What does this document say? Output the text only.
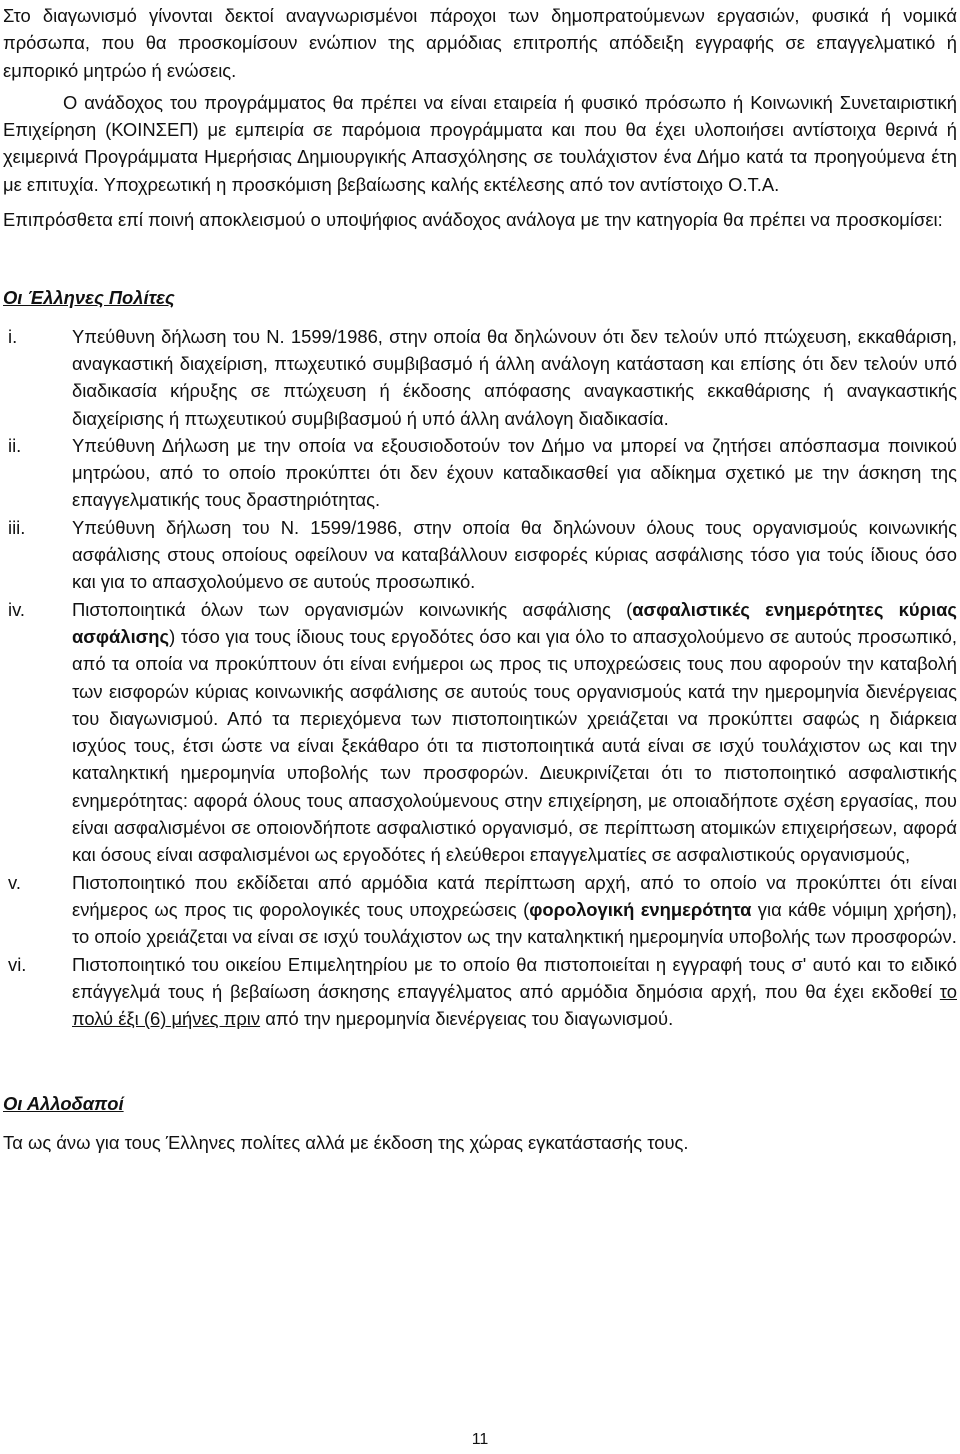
Στο διαγωνισμό γίνονται δεκτοί αναγνωρισμένοι πάροχοι των δημοπρατούμενων εργασιών, φυσικά ή νομικά πρόσωπα, που θα προσκομίσουν ενώπιον της αρμόδιας επιτροπής απόδειξη εγγραφής σε επαγγελματικό ή εμπορικό μητρώο ή ενώσεις.

Ο ανάδοχος του προγράμματος θα πρέπει να είναι εταιρεία ή φυσικό πρόσωπο ή Κοινωνική Συνεταιριστική Επιχείρηση (ΚΟΙΝΣΕΠ) με εμπειρία σε παρόμοια προγράμματα και που θα έχει υλοποιήσει αντίστοιχα θερινά ή χειμερινά Προγράμματα Ημερήσιας Δημιουργικής Απασχόλησης σε τουλάχιστον ένα Δήμο κατά τα προηγούμενα έτη με επιτυχία. Υποχρεωτική η προσκόμιση βεβαίωσης καλής εκτέλεσης από τον αντίστοιχο Ο.Τ.Α.

Επιπρόσθετα επί ποινή αποκλεισμού ο υποψήφιος ανάδοχος ανάλογα με την κατηγορία θα πρέπει να προσκομίσει:

Οι Έλληνες Πολίτες
i.	Υπεύθυνη δήλωση του Ν. 1599/1986, στην οποία θα δηλώνουν ότι δεν τελούν υπό πτώχευση, εκκαθάριση, αναγκαστική διαχείριση, πτωχευτικό συμβιβασμό ή άλλη ανάλογη κατάσταση και επίσης ότι δεν τελούν υπό διαδικασία κήρυξης σε πτώχευση ή έκδοσης απόφασης αναγκαστικής εκκαθάρισης ή αναγκαστικής διαχείρισης ή πτωχευτικού συμβιβασμού ή υπό άλλη ανάλογη διαδικασία.
ii.	Υπεύθυνη Δήλωση με την οποία να εξουσιοδοτούν τον Δήμο να μπορεί να ζητήσει απόσπασμα ποινικού μητρώου, από το οποίο προκύπτει ότι δεν έχουν καταδικασθεί για αδίκημα σχετικό με την άσκηση της επαγγελματικής τους δραστηριότητας.
iii.	Υπεύθυνη δήλωση του Ν. 1599/1986, στην οποία θα δηλώνουν όλους τους οργανισμούς κοινωνικής ασφάλισης στους οποίους οφείλουν να καταβάλλουν εισφορές κύριας ασφάλισης τόσο για τούς ίδιους όσο και για το απασχολούμενο σε αυτούς προσωπικό.
iv.	Πιστοποιητικά όλων των οργανισμών κοινωνικής ασφάλισης (ασφαλιστικές ενημερότητες κύριας ασφάλισης) τόσο για τους ίδιους τους εργοδότες όσο και για όλο το απασχολούμενο σε αυτούς προσωπικό, από τα οποία να προκύπτουν ότι είναι ενήμεροι ως προς τις υποχρεώσεις τους που αφορούν την καταβολή των εισφορών κύριας κοινωνικής ασφάλισης σε αυτούς τους οργανισμούς κατά την ημερομηνία διενέργειας του διαγωνισμού. Από τα περιεχόμενα των πιστοποιητικών χρειάζεται να προκύπτει σαφώς η διάρκεια ισχύος τους, έτσι ώστε να είναι ξεκάθαρο ότι τα πιστοποιητικά αυτά είναι σε ισχύ τουλάχιστον ως και την καταληκτική ημερομηνία υποβολής των προσφορών. Διευκρινίζεται ότι το πιστοποιητικό ασφαλιστικής ενημερότητας: αφορά όλους τους απασχολούμενους στην επιχείρηση, με οποιαδήποτε σχέση εργασίας, που είναι ασφαλισμένοι σε οποιονδήποτε ασφαλιστικό οργανισμό, σε περίπτωση ατομικών επιχειρήσεων, αφορά και όσους είναι ασφαλισμένοι ως εργοδότες ή ελεύθεροι επαγγελματίες σε ασφαλιστικούς οργανισμούς,
v.	Πιστοποιητικό που εκδίδεται από αρμόδια κατά περίπτωση αρχή, από το οποίο να προκύπτει ότι είναι ενήμερος ως προς τις φορολογικές τους υποχρεώσεις (φορολογική ενημερότητα για κάθε νόμιμη χρήση), το οποίο χρειάζεται να είναι σε ισχύ τουλάχιστον ως την καταληκτική ημερομηνία υποβολής των προσφορών.
vi. Πιστοποιητικό του οικείου Επιμελητηρίου με το οποίο θα πιστοποιείται η εγγραφή τους σ' αυτό και το ειδικό επάγγελμά τους ή βεβαίωση άσκησης επαγγέλματος από αρμόδια δημόσια αρχή, που θα έχει εκδοθεί το πολύ έξι (6) μήνες πριν από την ημερομηνία διενέργειας του διαγωνισμού.
Οι Αλλοδαποί

Τα ως άνω για τους Έλληνες πολίτες αλλά με έκδοση της χώρας εγκατάστασής τους.

11
